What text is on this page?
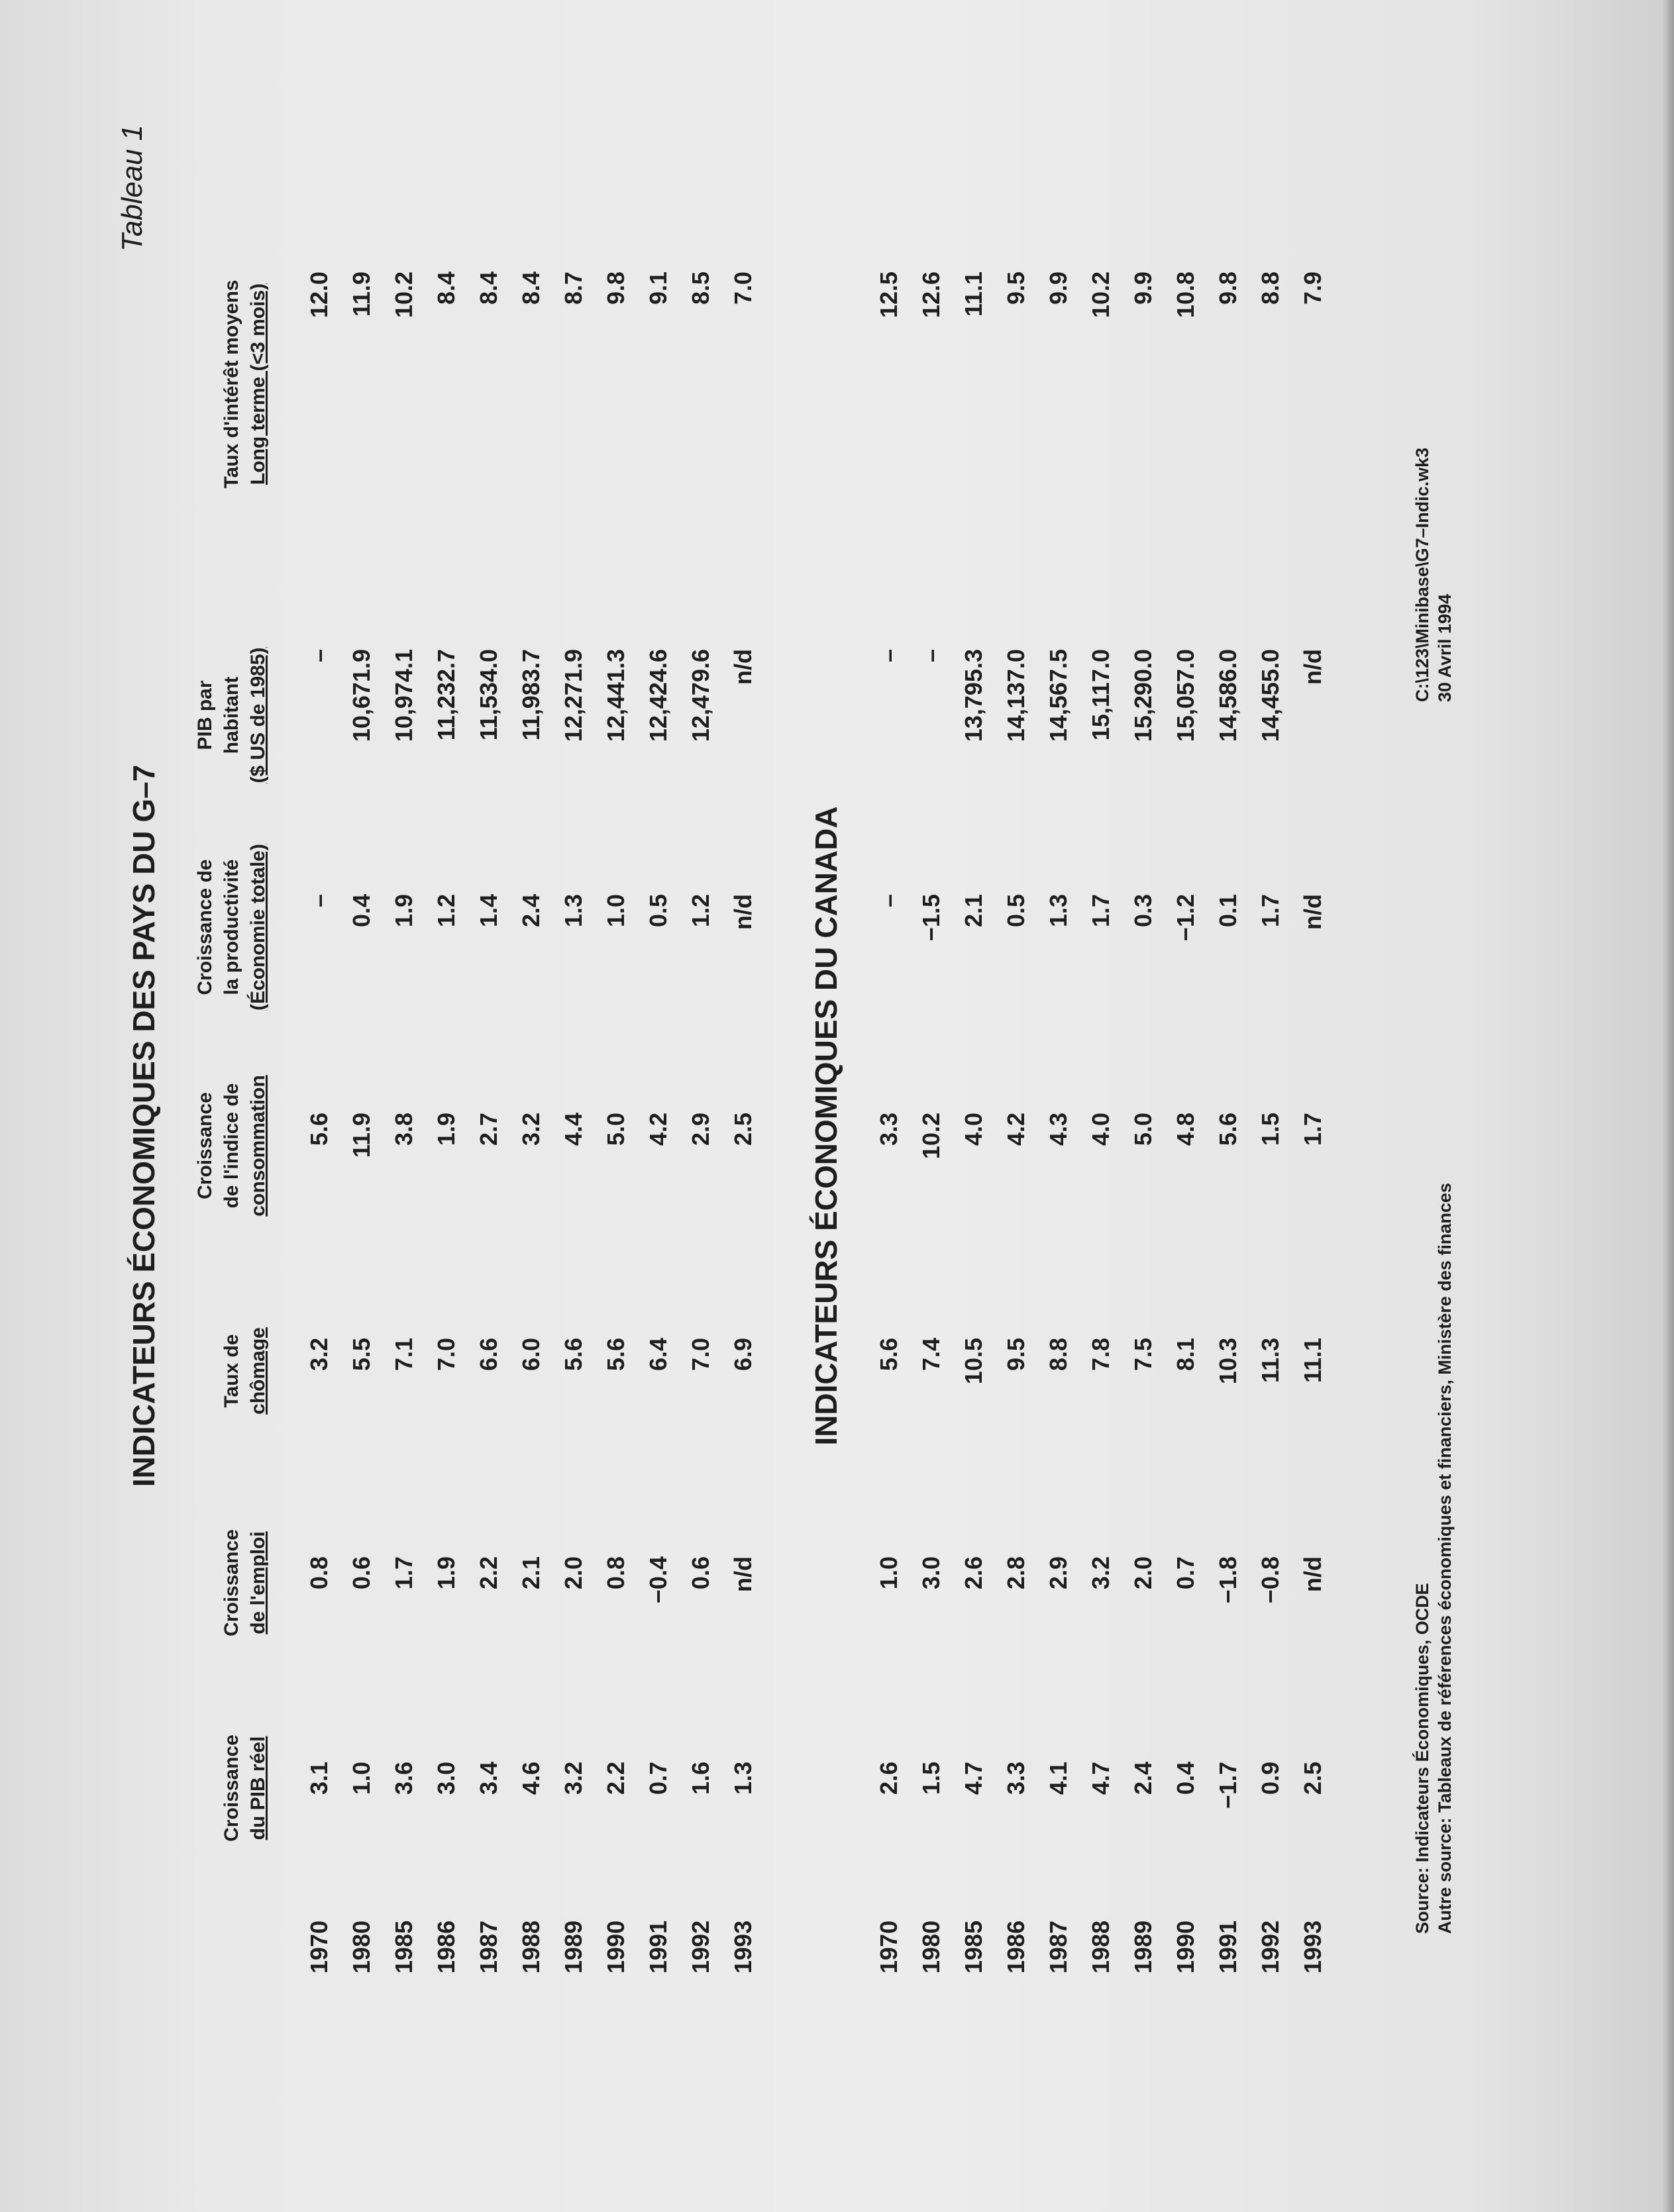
Tableau 1
INDICATEURS ÉCONOMIQUES DES PAYS DU G–7
Croissance du PIB réel
Croissance de l'emploi
Taux de chômage
Croissance de l'indice de consommation
Croissance de la productivité (Économie totale)
PIB par habitant ($ US de 1985)
Taux d'intérêt moyens Long terme (<3 mois)
1970 1980 1985 1986 1987 1988 1989 1990 1991 1992 1993
3.1 1.0 3.6 3.0 3.4 4.6 3.2 2.2 0.7 1.6 1.3
0.8 0.6 1.7 1.9 2.2 2.1 2.0 0.8 −0.4 0.6 n/d
3.2 5.5 7.1 7.0 6.6 6.0 5.6 5.6 6.4 7.0 6.9
5.6 11.9 3.8 1.9 2.7 3.2 4.4 5.0 4.2 2.9 2.5
– 0.4 1.9 1.2 1.4 2.4 1.3 1.0 0.5 1.2 n/d
– 10,671.9 10,974.1 11,232.7 11,534.0 11,983.7 12,271.9 12,441.3 12,424.6 12,479.6 n/d
12.0 11.9 10.2 8.4 8.4 8.4 8.7 9.8 9.1 8.5 7.0
INDICATEURS ÉCONOMIQUES DU CANADA
1970 1980 1985 1986 1987 1988 1989 1990 1991 1992 1993
2.6 1.5 4.7 3.3 4.1 4.7 2.4 0.4 −1.7 0.9 2.5
1.0 3.0 2.6 2.8 2.9 3.2 2.0 0.7 −1.8 −0.8 n/d
5.6 7.4 10.5 9.5 8.8 7.8 7.5 8.1 10.3 11.3 11.1
3.3 10.2 4.0 4.2 4.3 4.0 5.0 4.8 5.6 1.5 1.7
– −1.5 2.1 0.5 1.3 1.7 0.3 −1.2 0.1 1.7 n/d
– – 13,795.3 14,137.0 14,567.5 15,117.0 15,290.0 15,057.0 14,586.0 14,455.0 n/d
12.5 12.6 11.1 9.5 9.9 10.2 9.9 10.8 9.8 8.8 7.9
Source: Indicateurs Économiques, OCDE Autre source: Tableaux de références économiques et financiers, Ministère des finances
C:\123\Minibase\G7–Indic.wk3 30 Avril 1994
